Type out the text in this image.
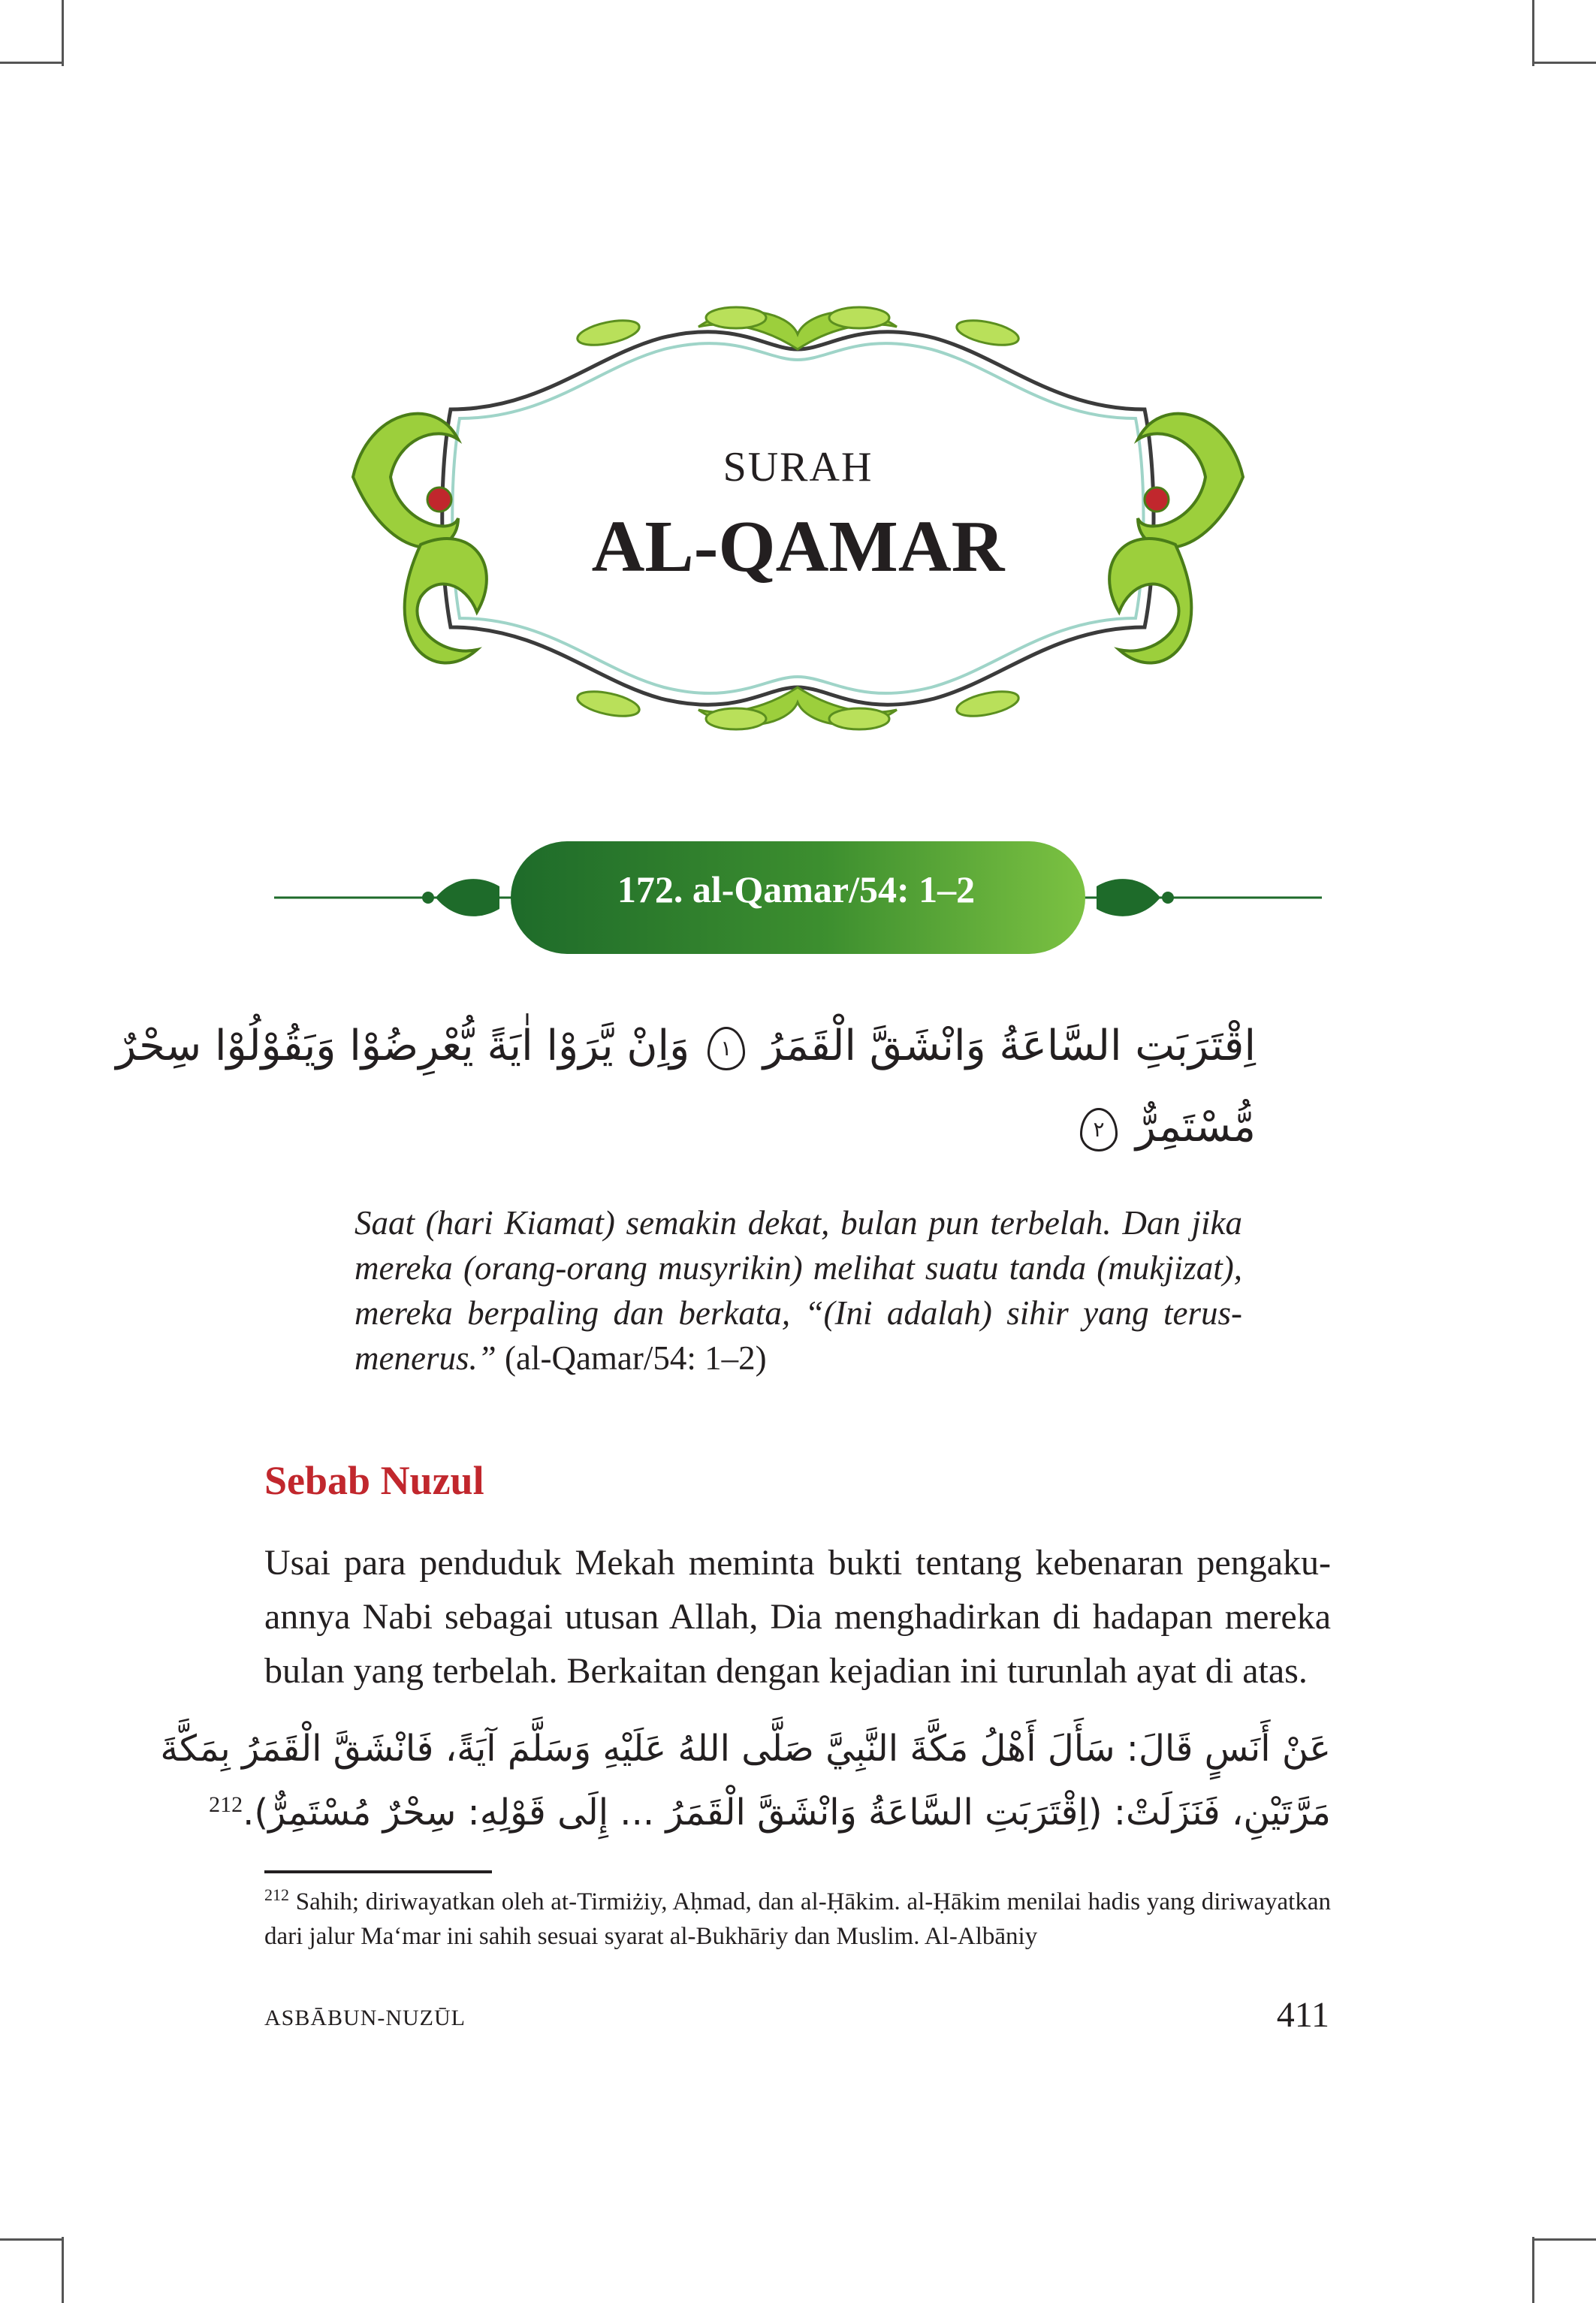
SURAH
AL-QAMAR
172. al-Qamar/54: 1–2
اِقْتَرَبَتِ السَّاعَةُ وَانْشَقَّ الْقَمَرُ ١ وَاِنْ يَّرَوْا اٰيَةً يُّعْرِضُوْا وَيَقُوْلُوْا سِحْرٌ
مُّسْتَمِرٌّ ٢
Saat (hari Kiamat) semakin dekat, bulan pun terbelah. Dan jika mereka (orang-orang musyrikin) melihat suatu tanda (mukjizat), mereka berpaling dan berkata, “(Ini adalah) sihir yang terus-menerus.” (al-Qamar/54: 1–2)
Sebab Nuzul
Usai para penduduk Mekah meminta bukti tentang kebenaran pengaku-annya Nabi sebagai utusan Allah, Dia menghadirkan di hadapan mereka bulan yang terbelah. Berkaitan dengan kejadian ini turunlah ayat di atas.
عَنْ أَنَسٍ قَالَ: سَأَلَ أَهْلُ مَكَّةَ النَّبِيَّ صَلَّى اللهُ عَلَيْهِ وَسَلَّمَ آيَةً، فَانْشَقَّ الْقَمَرُ بِمَكَّةَ
مَرَّتَيْنِ، فَنَزَلَتْ: (اِقْتَرَبَتِ السَّاعَةُ وَانْشَقَّ الْقَمَرُ ... إِلَى قَوْلِهِ: سِحْرٌ مُسْتَمِرٌّ).$^{212}$
$^{212}$ Sahih; diriwayatkan oleh at-Tirmiżiy, Aḥmad, dan al-Ḥākim. al-Ḥākim menilai hadis yang diriwayatkan dari jalur Ma‘mar ini sahih sesuai syarat al-Bukhāriy dan Muslim. Al-Albāniy
ASBĀBUN-NUZŪL	411
